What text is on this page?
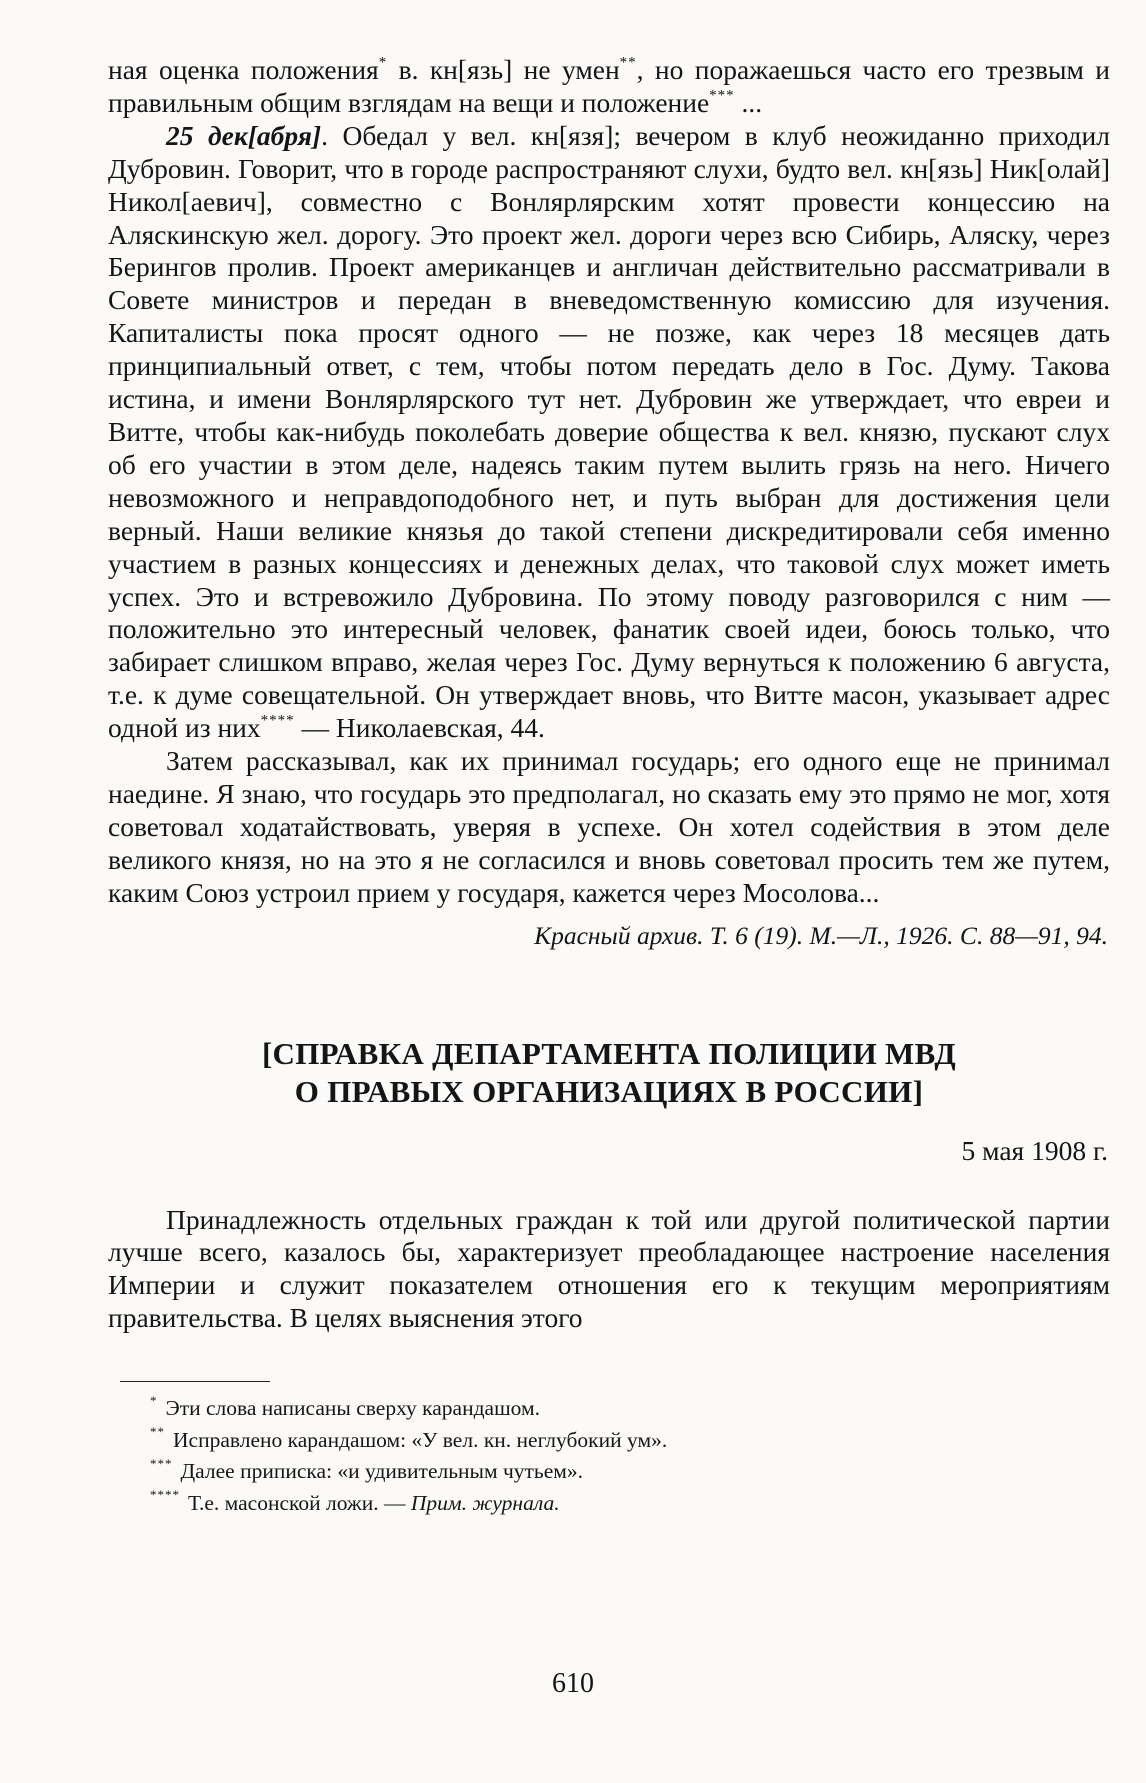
ная оценка положения* в. кн[язь] не умен**, но поражаешься часто его трезвым и правильным общим взглядам на вещи и положение*** ...

25 дек[абря]. Обедал у вел. кн[язя]; вечером в клуб неожиданно приходил Дубровин. Говорит, что в городе распространяют слухи, будто вел. кн[язь] Ник[олай] Никол[аевич], совместно с Вонлярлярским хотят провести концессию на Аляскинскую жел. дорогу. Это проект жел. дороги через всю Сибирь, Аляску, через Берингов пролив. Проект американцев и англичан действительно рассматривали в Совете министров и передан в вневедомственную комиссию для изучения. Капиталисты пока просят одного — не позже, как через 18 месяцев дать принципиальный ответ, с тем, чтобы потом передать дело в Гос. Думу. Такова истина, и имени Вонлярлярского тут нет. Дубровин же утверждает, что евреи и Витте, чтобы как-нибудь поколебать доверие общества к вел. князю, пускают слух об его участии в этом деле, надеясь таким путем вылить грязь на него. Ничего невозможного и неправдоподобного нет, и путь выбран для достижения цели верный. Наши великие князья до такой степени дискредитировали себя именно участием в разных концессиях и денежных делах, что таковой слух может иметь успех. Это и встревожило Дубровина. По этому поводу разговорился с ним — положительно это интересный человек, фанатик своей идеи, боюсь только, что забирает слишком вправо, желая через Гос. Думу вернуться к положению 6 августа, т.е. к думе совещательной. Он утверждает вновь, что Витте масон, указывает адрес одной из них**** — Николаевская, 44.

Затем рассказывал, как их принимал государь; его одного еще не принимал наедине. Я знаю, что государь это предполагал, но сказать ему это прямо не мог, хотя советовал ходатайствовать, уверяя в успехе. Он хотел содействия в этом деле великого князя, но на это я не согласился и вновь советовал просить тем же путем, каким Союз устроил прием у государя, кажется через Мосолова...

Красный архив. Т. 6 (19). М.—Л., 1926. С. 88—91, 94.

[СПРАВКА ДЕПАРТАМЕНТА ПОЛИЦИИ МВД
О ПРАВЫХ ОРГАНИЗАЦИЯХ В РОССИИ]
5 мая 1908 г.

Принадлежность отдельных граждан к той или другой политической партии лучше всего, казалось бы, характеризует преобладающее настроение населения Империи и служит показателем отношения его к текущим мероприятиям правительства. В целях выяснения этого

* Эти слова написаны сверху карандашом.
** Исправлено карандашом: «У вел. кн. неглубокий ум».
*** Далее приписка: «и удивительным чутьем».
**** Т.е. масонской ложи. — Прим. журнала.
610
